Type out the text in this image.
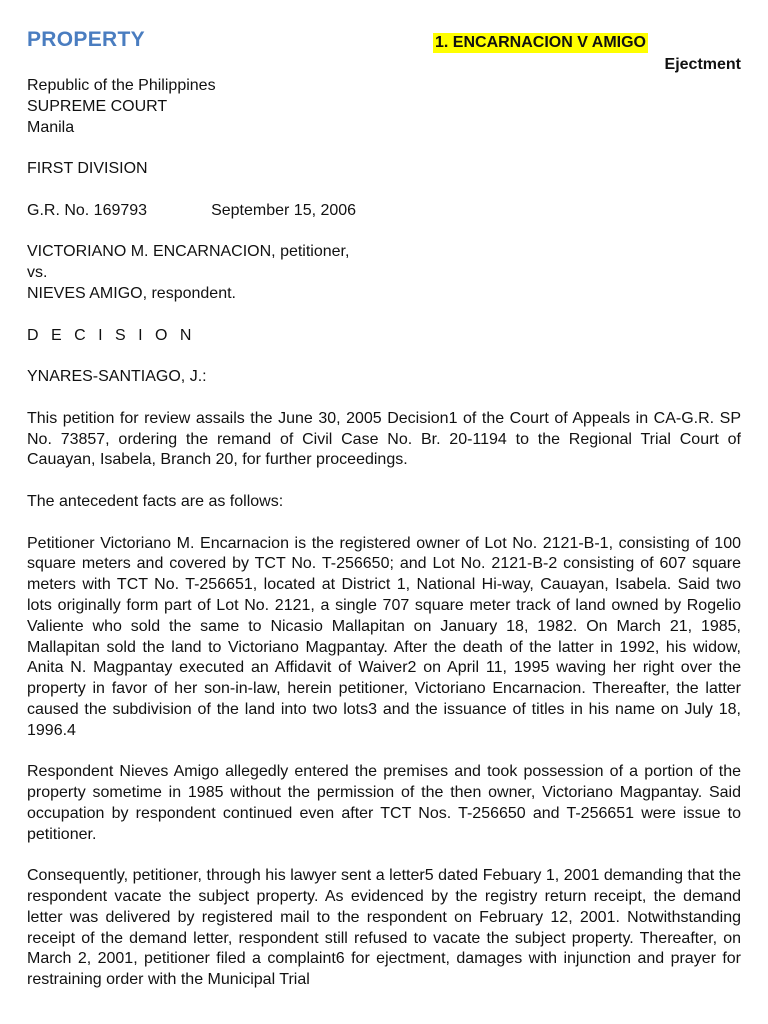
PROPERTY	1. ENCARNACION V AMIGO
Ejectment
Republic of the Philippines
SUPREME COURT
Manila
FIRST DIVISION
G.R. No. 169793	September 15, 2006
VICTORIANO M. ENCARNACION, petitioner,
vs.
NIEVES AMIGO, respondent.
D E C I S I O N
YNARES-SANTIAGO, J.:
This petition for review assails the June 30, 2005 Decision1 of the Court of Appeals in CA-G.R. SP No. 73857, ordering the remand of Civil Case No. Br. 20-1194 to the Regional Trial Court of Cauayan, Isabela, Branch 20, for further proceedings.
The antecedent facts are as follows:
Petitioner Victoriano M. Encarnacion is the registered owner of Lot No. 2121-B-1, consisting of 100 square meters and covered by TCT No. T-256650; and Lot No. 2121-B-2 consisting of 607 square meters with TCT No. T-256651, located at District 1, National Hi-way, Cauayan, Isabela. Said two lots originally form part of Lot No. 2121, a single 707 square meter track of land owned by Rogelio Valiente who sold the same to Nicasio Mallapitan on January 18, 1982. On March 21, 1985, Mallapitan sold the land to Victoriano Magpantay. After the death of the latter in 1992, his widow, Anita N. Magpantay executed an Affidavit of Waiver2 on April 11, 1995 waving her right over the property in favor of her son-in-law, herein petitioner, Victoriano Encarnacion. Thereafter, the latter caused the subdivision of the land into two lots3 and the issuance of titles in his name on July 18, 1996.4
Respondent Nieves Amigo allegedly entered the premises and took possession of a portion of the property sometime in 1985 without the permission of the then owner, Victoriano Magpantay. Said occupation by respondent continued even after TCT Nos. T-256650 and T-256651 were issue to petitioner.
Consequently, petitioner, through his lawyer sent a letter5 dated Febuary 1, 2001 demanding that the respondent vacate the subject property. As evidenced by the registry return receipt, the demand letter was delivered by registered mail to the respondent on February 12, 2001. Notwithstanding receipt of the demand letter, respondent still refused to vacate the subject property. Thereafter, on March 2, 2001, petitioner filed a complaint6 for ejectment, damages with injunction and prayer for restraining order with the Municipal Trial
